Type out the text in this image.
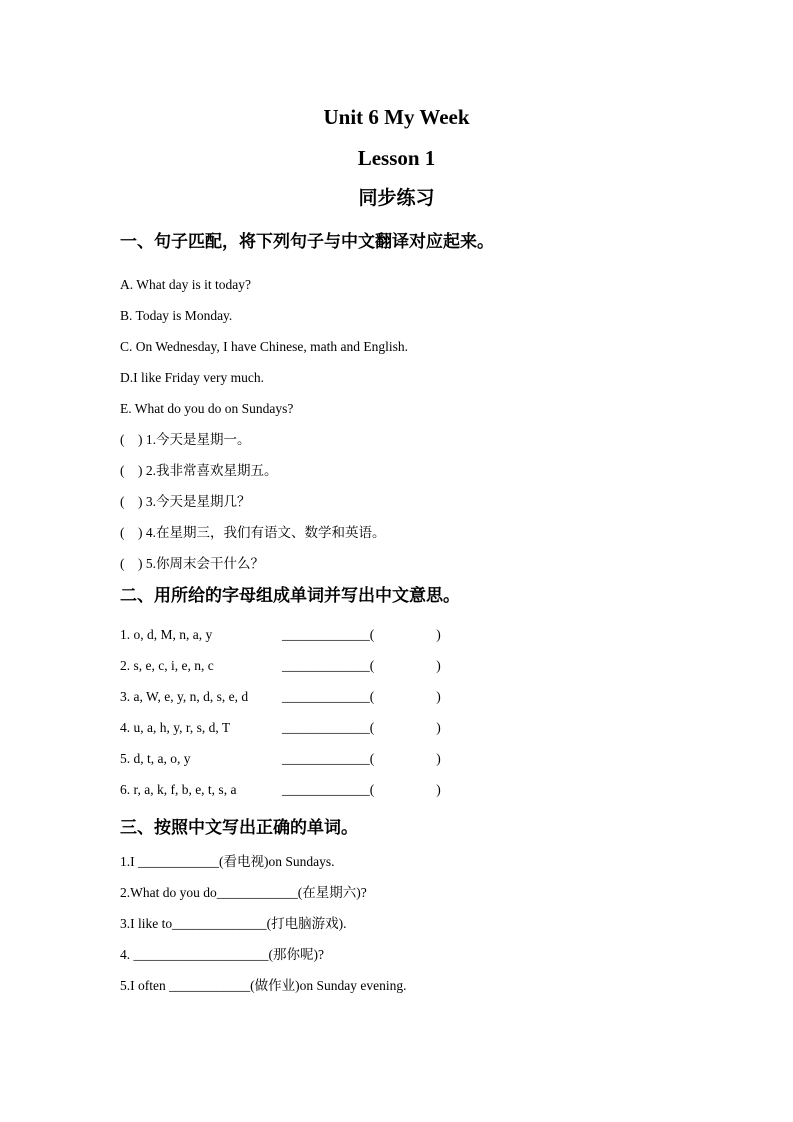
Unit 6 My Week
Lesson 1
同步练习
一、句子匹配，将下列句子与中文翻译对应起来。
A. What day is it today?
B. Today is Monday.
C. On Wednesday, I have Chinese, math and English.
D.I like Friday very much.
E. What do you do on Sundays?
(    ) 1.今天是星期一。
(    ) 2.我非常喜欢星期五。
(    ) 3.今天是星期几？
(    ) 4.在星期三，我们有语文、数学和英语。
(    ) 5.你周末会干什么？
二、用所给的字母组成单词并写出中文意思。
1. o, d, M, n, a, y	_____________ (	)
2. s, e, c, i, e, n, c	_____________ (	)
3. a, W, e, y, n, d, s, e, d	_____________ (	)
4. u, a, h, y, r, s, d, T	_____________ (	)
5. d, t, a, o, y	_____________ (	)
6. r, a, k, f, b, e, t, s, a	_____________ (	)
三、按照中文写出正确的单词。
1.I ____________(看电视)on Sundays.
2.What do you do____________(在星期六)?
3.I like to______________(打电脑游戏).
4. ____________________(那你呢)?
5.I often ____________(做作业)on Sunday evening.
